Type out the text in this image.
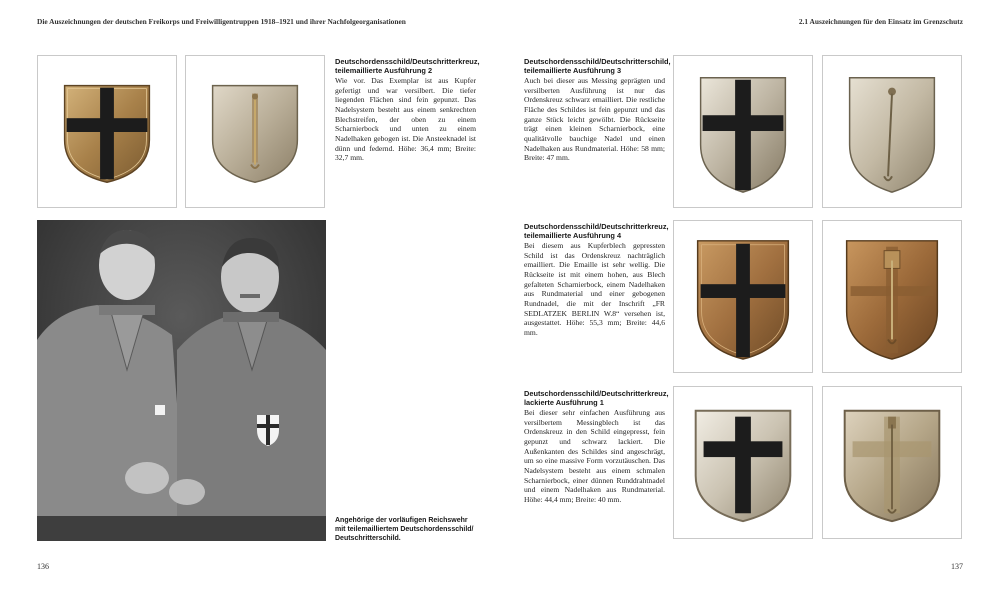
Die Auszeichnungen der deutschen Freikorps und Freiwilligentruppen 1918–1921 und ihrer Nachfolgeorganisationen	2.1 Auszeichnungen für den Einsatz im Grenzschutz
Deutschordensschild/Deutschritterkreuz,
teilemaillierte Ausführung 2
Wie vor. Das Exemplar ist aus Kupfer gefertigt und war versilbert. Die tiefer liegenden Flächen sind fein gepunzt. Das Nadelsystem besteht aus einem senkrechten Blechstreifen, der oben zu einem Scharnierbock und unten zu einem Nadelhaken gebogen ist. Die Ansteeknadel ist dünn und federnd. Höhe: 36,4 mm; Breite: 32,7 mm.
Angehörige der vorläufigen Reichswehr
mit teilemailliertem Deutschordensschild/
Deutschritterschild.
136
Deutschordensschild/Deutschritterschild,
teilemaillierte Ausführung 3
Auch bei dieser aus Messing geprägten und versilberten Ausführung ist nur das Ordenskreuz schwarz emailliert. Die restliche Fläche des Schildes ist fein gepunzt und das ganze Stück leicht gewölbt. Die Rückseite trägt einen kleinen Scharnierbock, eine qualitätvolle bauchige Nadel und einen Nadelhaken aus Rundmaterial. Höhe: 58 mm; Breite: 47 mm.
Deutschordensschild/Deutschritterkreuz,
teilemaillierte Ausführung 4
Bei diesem aus Kupferblech gepressten Schild ist das Ordenskreuz nachträglich emailliert. Die Emaille ist sehr wellig. Die Rückseite ist mit einem hohen, aus Blech gefalteten Scharnierbock, einem Nadelhaken aus Rundmaterial und einer gebogenen Rundnadel, die mit der Inschrift „FR SEDLATZEK BERLIN W.8“ versehen ist, ausgestattet. Höhe: 55,3 mm; Breite: 44,6 mm.
Deutschordensschild/Deutschritterkreuz,
lackierte Ausführung 1
Bei dieser sehr einfachen Ausführung aus versilbertem Messingblech ist das Ordenskreuz in den Schild eingepresst, fein gepunzt und schwarz lackiert. Die Außenkanten des Schildes sind angeschrägt, um so eine massive Form vorzutäuschen. Das Nadelsystem besteht aus einem schmalen Scharnierbock, einer dünnen Runddrahtnadel und einem Nadelhaken aus Rundmaterial. Höhe: 44,4 mm; Breite: 40 mm.
137
